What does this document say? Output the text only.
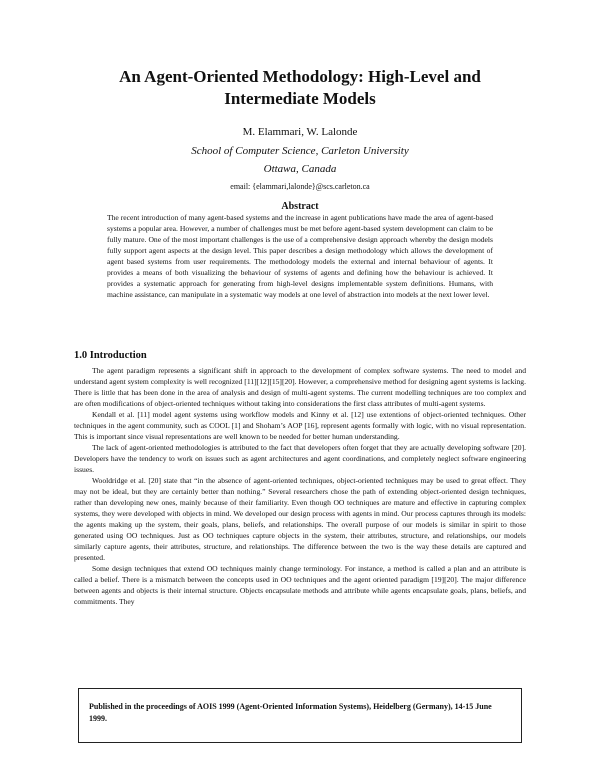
An Agent-Oriented Methodology: High-Level and Intermediate Models
M. Elammari, W. Lalonde
School of Computer Science, Carleton University
Ottawa, Canada
email: {elammari,lalonde}@scs.carleton.ca
Abstract

The recent introduction of many agent-based systems and the increase in agent publications have made the area of agent-based systems a popular area. However, a number of challenges must be met before agent-based system development can claim to be fully mature. One of the most important challenges is the use of a comprehensive design approach whereby the design models fully support agent aspects at the design level. This paper describes a design methodology which allows the development of agent based systems from user requirements. The methodology models the external and internal behaviour of agents. It provides a means of both visualizing the behaviour of systems of agents and defining how the behaviour is achieved. It provides a systematic approach for generating from high-level designs implementable system definitions. Humans, with machine assistance, can manipulate in a systematic way models at one level of abstraction into models at the next lower level.

1.0 Introduction

The agent paradigm represents a significant shift in approach to the development of complex software systems. The need to model and understand agent system complexity is well recognized [11][12][15][20]. However, a comprehensive method for designing agent systems is lacking. There is little that has been done in the area of analysis and design of multi-agent systems. The current modelling techniques are too complex and are often modifications of object-oriented techniques without taking into considerations the first class attributes of multi-agent systems.

Kendall et al. [11] model agent systems using workflow models and Kinny et al. [12] use extentions of object-oriented techniques. Other techniques in the agent community, such as COOL [1] and Shoham’s AOP [16], represent agents formally with logic, with no visual representation. This is important since visual representations are well known to be needed for better human understanding.

The lack of agent-oriented methodologies is attributed to the fact that developers often forget that they are actually developing software [20]. Developers have the tendency to work on issues such as agent architectures and agent coordinations, and completely neglect software engineering issues.

Wooldridge et al. [20] state that “in the absence of agent-oriented techniques, object-oriented techniques may be used to great effect. They may not be ideal, but they are certainly better than nothing.” Several researchers chose the path of extending object-oriented design techniques, rather than developing new ones, mainly because of their familiarity. Even though OO techniques are mature and effective in capturing complex systems, they were developed with objects in mind. We developed our design process with agents in mind. Our process captures through its models: the agents making up the system, their goals, plans, beliefs, and relationships. The overall purpose of our models is similar in spirit to those generated using OO techniques. Just as OO techniques capture objects in the system, their attributes, structure, and relationships, our models similarly capture agents, their attributes, structure, and relationships. The difference between the two is the way these details are captured and presented.

Some design techniques that extend OO techniques mainly change terminology. For instance, a method is called a plan and an attribute is called a belief. There is a mismatch between the concepts used in OO techniques and the agent oriented paradigm [19][20]. The major difference between agents and objects is their internal structure. Objects encapsulate methods and attribute while agents encapsulate goals, plans, beliefs, and commitments. They

Published in the proceedings of AOIS 1999 (Agent-Oriented Information Systems), Heidelberg (Germany), 14-15 June 1999.
